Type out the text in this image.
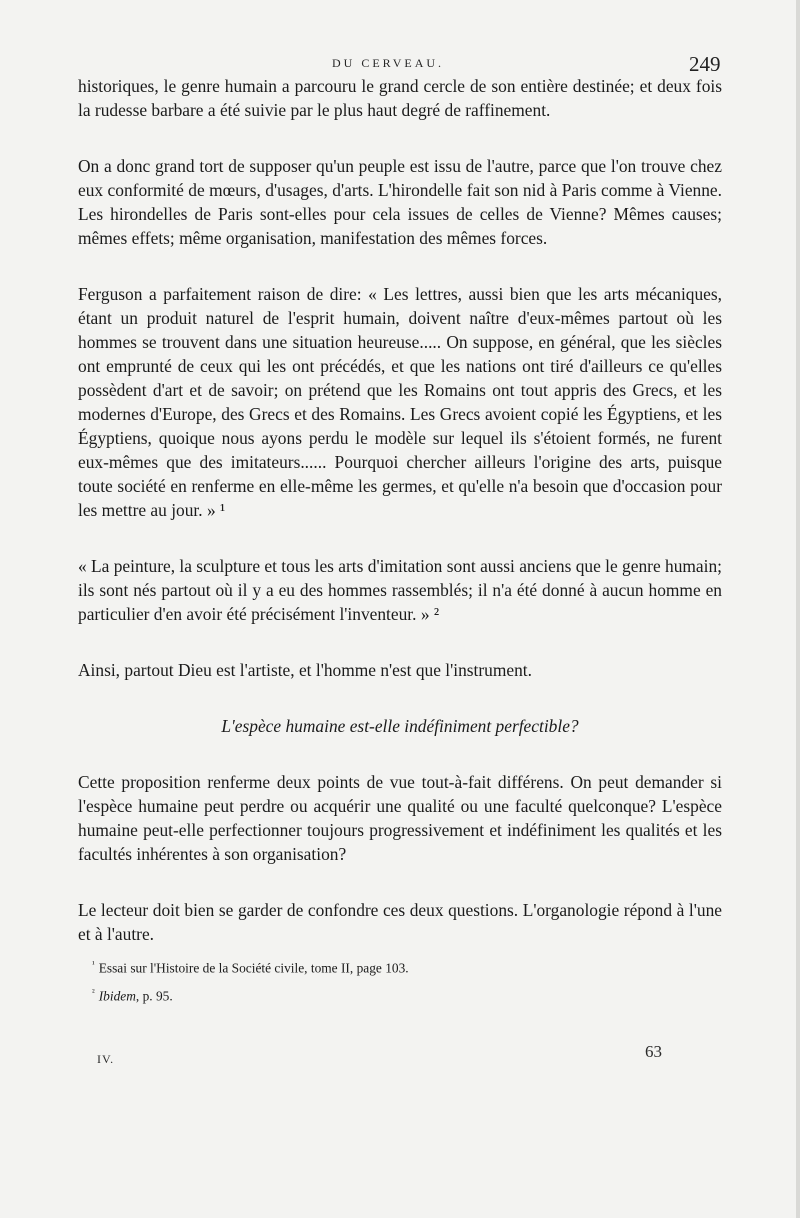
DU CERVEAU.	249

historiques, le genre humain a parcouru le grand cercle de son entière destinée; et deux fois la rudesse barbare a été suivie par le plus haut degré de raffinement.

On a donc grand tort de supposer qu'un peuple est issu de l'autre, parce que l'on trouve chez eux conformité de mœurs, d'usages, d'arts. L'hirondelle fait son nid à Paris comme à Vienne. Les hirondelles de Paris sont-elles pour cela issues de celles de Vienne? Mêmes causes; mêmes effets; même organisation, manifestation des mêmes forces.

Ferguson a parfaitement raison de dire: « Les lettres, aussi bien que les arts mécaniques, étant un produit naturel de l'esprit humain, doivent naître d'eux-mêmes partout où les hommes se trouvent dans une situation heureuse..... On suppose, en général, que les siècles ont emprunté de ceux qui les ont précédés, et que les nations ont tiré d'ailleurs ce qu'elles possèdent d'art et de savoir; on prétend que les Romains ont tout appris des Grecs, et les modernes d'Europe, des Grecs et des Romains. Les Grecs avoient copié les Égyptiens, et les Égyptiens, quoique nous ayons perdu le modèle sur lequel ils s'étoient formés, ne furent eux-mêmes que des imitateurs...... Pourquoi chercher ailleurs l'origine des arts, puisque toute société en renferme en elle-même les germes, et qu'elle n'a besoin que d'occasion pour les mettre au jour. » ¹

« La peinture, la sculpture et tous les arts d'imitation sont aussi anciens que le genre humain; ils sont nés partout où il y a eu des hommes rassemblés; il n'a été donné à aucun homme en particulier d'en avoir été précisément l'inventeur. » ²

Ainsi, partout Dieu est l'artiste, et l'homme n'est que l'instrument.

L'espèce humaine est-elle indéfiniment perfectible?

Cette proposition renferme deux points de vue tout-à-fait différens. On peut demander si l'espèce humaine peut perdre ou acquérir une qualité ou une faculté quelconque? L'espèce humaine peut-elle perfectionner toujours progressivement et indéfiniment les qualités et les facultés inhérentes à son organisation?

Le lecteur doit bien se garder de confondre ces deux questions. L'organologie répond à l'une et à l'autre.

$^{^1}$ Essai sur l'Histoire de la Société civile, tome II, page 103.

$^{^2}$ Ibidem, p. 95.

IV.	63
